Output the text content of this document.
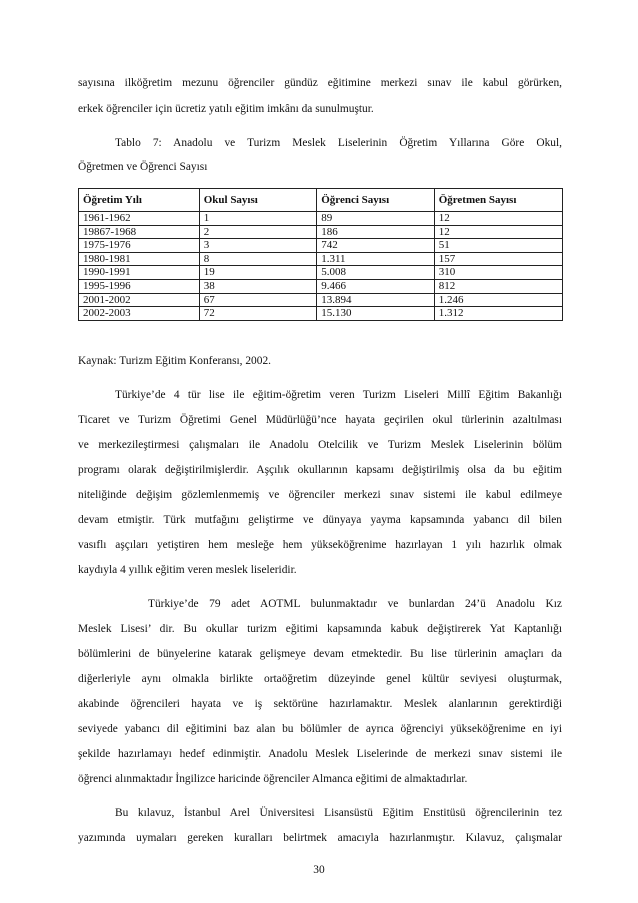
sayısına ilköğretim mezunu öğrenciler gündüz eğitimine merkezi sınav ile kabul görürken,
erkek öğrenciler için ücretiz yatılı eğitim imkânı da sunulmuştur.
Tablo 7: Anadolu ve Turizm Meslek Liselerinin Öğretim Yıllarına Göre Okul,
Öğretmen ve Öğrenci Sayısı
Öğretim Yılı	Okul Sayısı	Öğrenci Sayısı	Öğretmen Sayısı
1961-1962	1	89	12
19867-1968	2	186	12
1975-1976	3	742	51
1980-1981	8	1.311	157
1990-1991	19	5.008	310
1995-1996	38	9.466	812
2001-2002	67	13.894	1.246
2002-2003	72	15.130	1.312
Kaynak: Turizm Eğitim Konferansı, 2002.
Türkiye’de 4 tür lise ile eğitim-öğretim veren Turizm Liseleri Millî Eğitim Bakanlığı
Ticaret ve Turizm Öğretimi Genel Müdürlüğü’nce hayata geçirilen okul türlerinin azaltılması
ve merkezileştirmesi çalışmaları ile Anadolu Otelcilik ve Turizm Meslek Liselerinin bölüm
programı olarak değiştirilmişlerdir. Aşçılık okullarının kapsamı değiştirilmiş olsa da bu eğitim
niteliğinde değişim gözlemlenmemiş ve öğrenciler merkezi sınav sistemi ile kabul edilmeye
devam etmiştir. Türk mutfağını geliştirme ve dünyaya yayma kapsamında yabancı dil bilen
vasıflı aşçıları yetiştiren hem mesleğe hem yükseköğrenime hazırlayan 1 yılı hazırlık olmak
kaydıyla 4 yıllık eğitim veren meslek liseleridir.
Türkiye’de 79 adet AOTML bulunmaktadır ve bunlardan 24’ü Anadolu Kız
Meslek Lisesi’ dir. Bu okullar turizm eğitimi kapsamında kabuk değiştirerek Yat Kaptanlığı
bölümlerini de bünyelerine katarak gelişmeye devam etmektedir. Bu lise türlerinin amaçları da
diğerleriyle aynı olmakla birlikte ortaöğretim düzeyinde genel kültür seviyesi oluşturmak,
akabinde öğrencileri hayata ve iş sektörüne hazırlamaktır. Meslek alanlarının gerektirdiği
seviyede yabancı dil eğitimini baz alan bu bölümler de ayrıca öğrenciyi yükseköğrenime en iyi
şekilde hazırlamayı hedef edinmiştir. Anadolu Meslek Liselerinde de merkezi sınav sistemi ile
öğrenci alınmaktadır İngilizce haricinde öğrenciler Almanca eğitimi de almaktadırlar.
Bu kılavuz, İstanbul Arel Üniversitesi Lisansüstü Eğitim Enstitüsü öğrencilerinin tez
yazımında uymaları gereken kuralları belirtmek amacıyla hazırlanmıştır. Kılavuz, çalışmalar
30
